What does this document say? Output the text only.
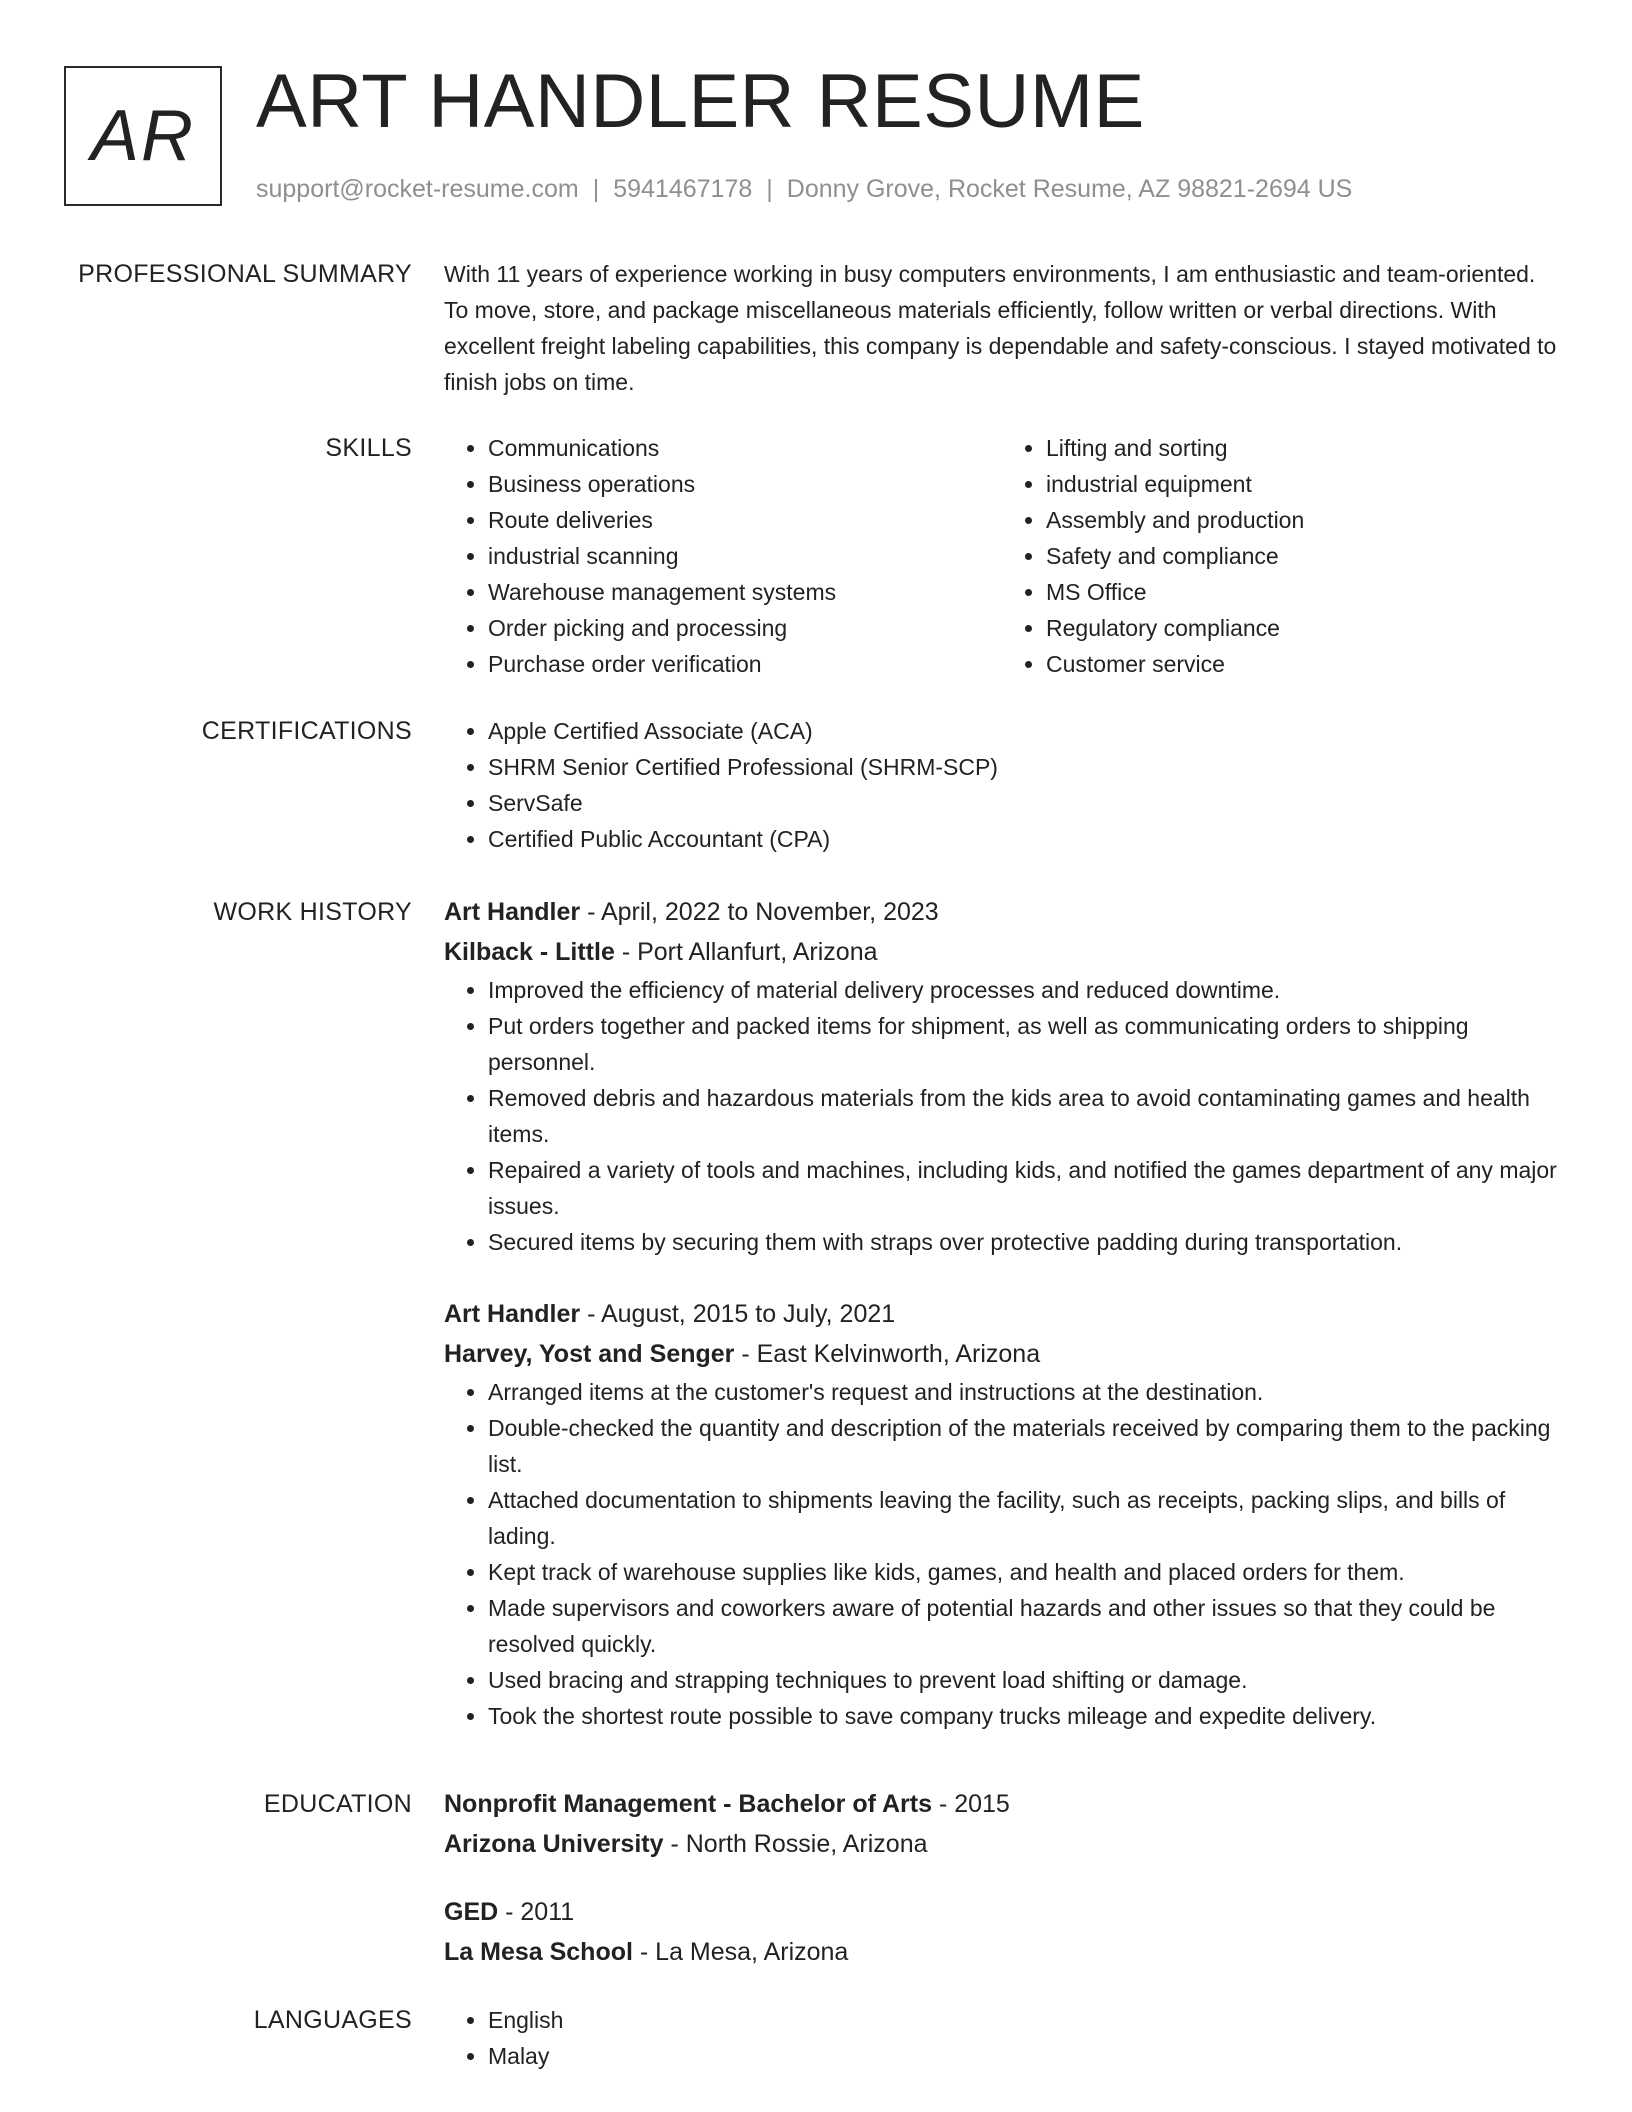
AR ART HANDLER RESUME
support@rocket-resume.com | 5941467178 | Donny Grove, Rocket Resume, AZ 98821-2694 US
PROFESSIONAL SUMMARY With 11 years of experience working in busy computers environments, I am enthusiastic and team-oriented. To move, store, and package miscellaneous materials efficiently, follow written or verbal directions. With excellent freight labeling capabilities, this company is dependable and safety-conscious. I stayed motivated to finish jobs on time.

SKILLS	• Communications
• Business operations
• Route deliveries
• industrial scanning
• Warehouse management systems
• Order picking and processing
• Purchase order verification
• Lifting and sorting
• industrial equipment
• Assembly and production
• Safety and compliance
• MS Office
• Regulatory compliance
• Customer service
CERTIFICATIONS	• Apple Certified Associate (ACA)
• SHRM Senior Certified Professional (SHRM-SCP)
• ServSafe
• Certified Public Accountant (CPA)
WORK HISTORY Art Handler - April, 2022 to November, 2023
Kilback - Little - Port Allanfurt, Arizona
• Improved the efficiency of material delivery processes and reduced downtime.
• Put orders together and packed items for shipment, as well as communicating orders to shipping personnel.
• Removed debris and hazardous materials from the kids area to avoid contaminating games and health items.
• Repaired a variety of tools and machines, including kids, and notified the games department of any major issues.
• Secured items by securing them with straps over protective padding during transportation.
Art Handler - August, 2015 to July, 2021
Harvey, Yost and Senger - East Kelvinworth, Arizona
• Arranged items at the customer's request and instructions at the destination.
• Double-checked the quantity and description of the materials received by comparing them to the packing list.
• Attached documentation to shipments leaving the facility, such as receipts, packing slips, and bills of lading.
• Kept track of warehouse supplies like kids, games, and health and placed orders for them.
• Made supervisors and coworkers aware of potential hazards and other issues so that they could be resolved quickly.
• Used bracing and strapping techniques to prevent load shifting or damage.
• Took the shortest route possible to save company trucks mileage and expedite delivery.
EDUCATION Nonprofit Management - Bachelor of Arts - 2015
Arizona University - North Rossie, Arizona
GED - 2011
La Mesa School - La Mesa, Arizona
LANGUAGES	• English
• Malay
